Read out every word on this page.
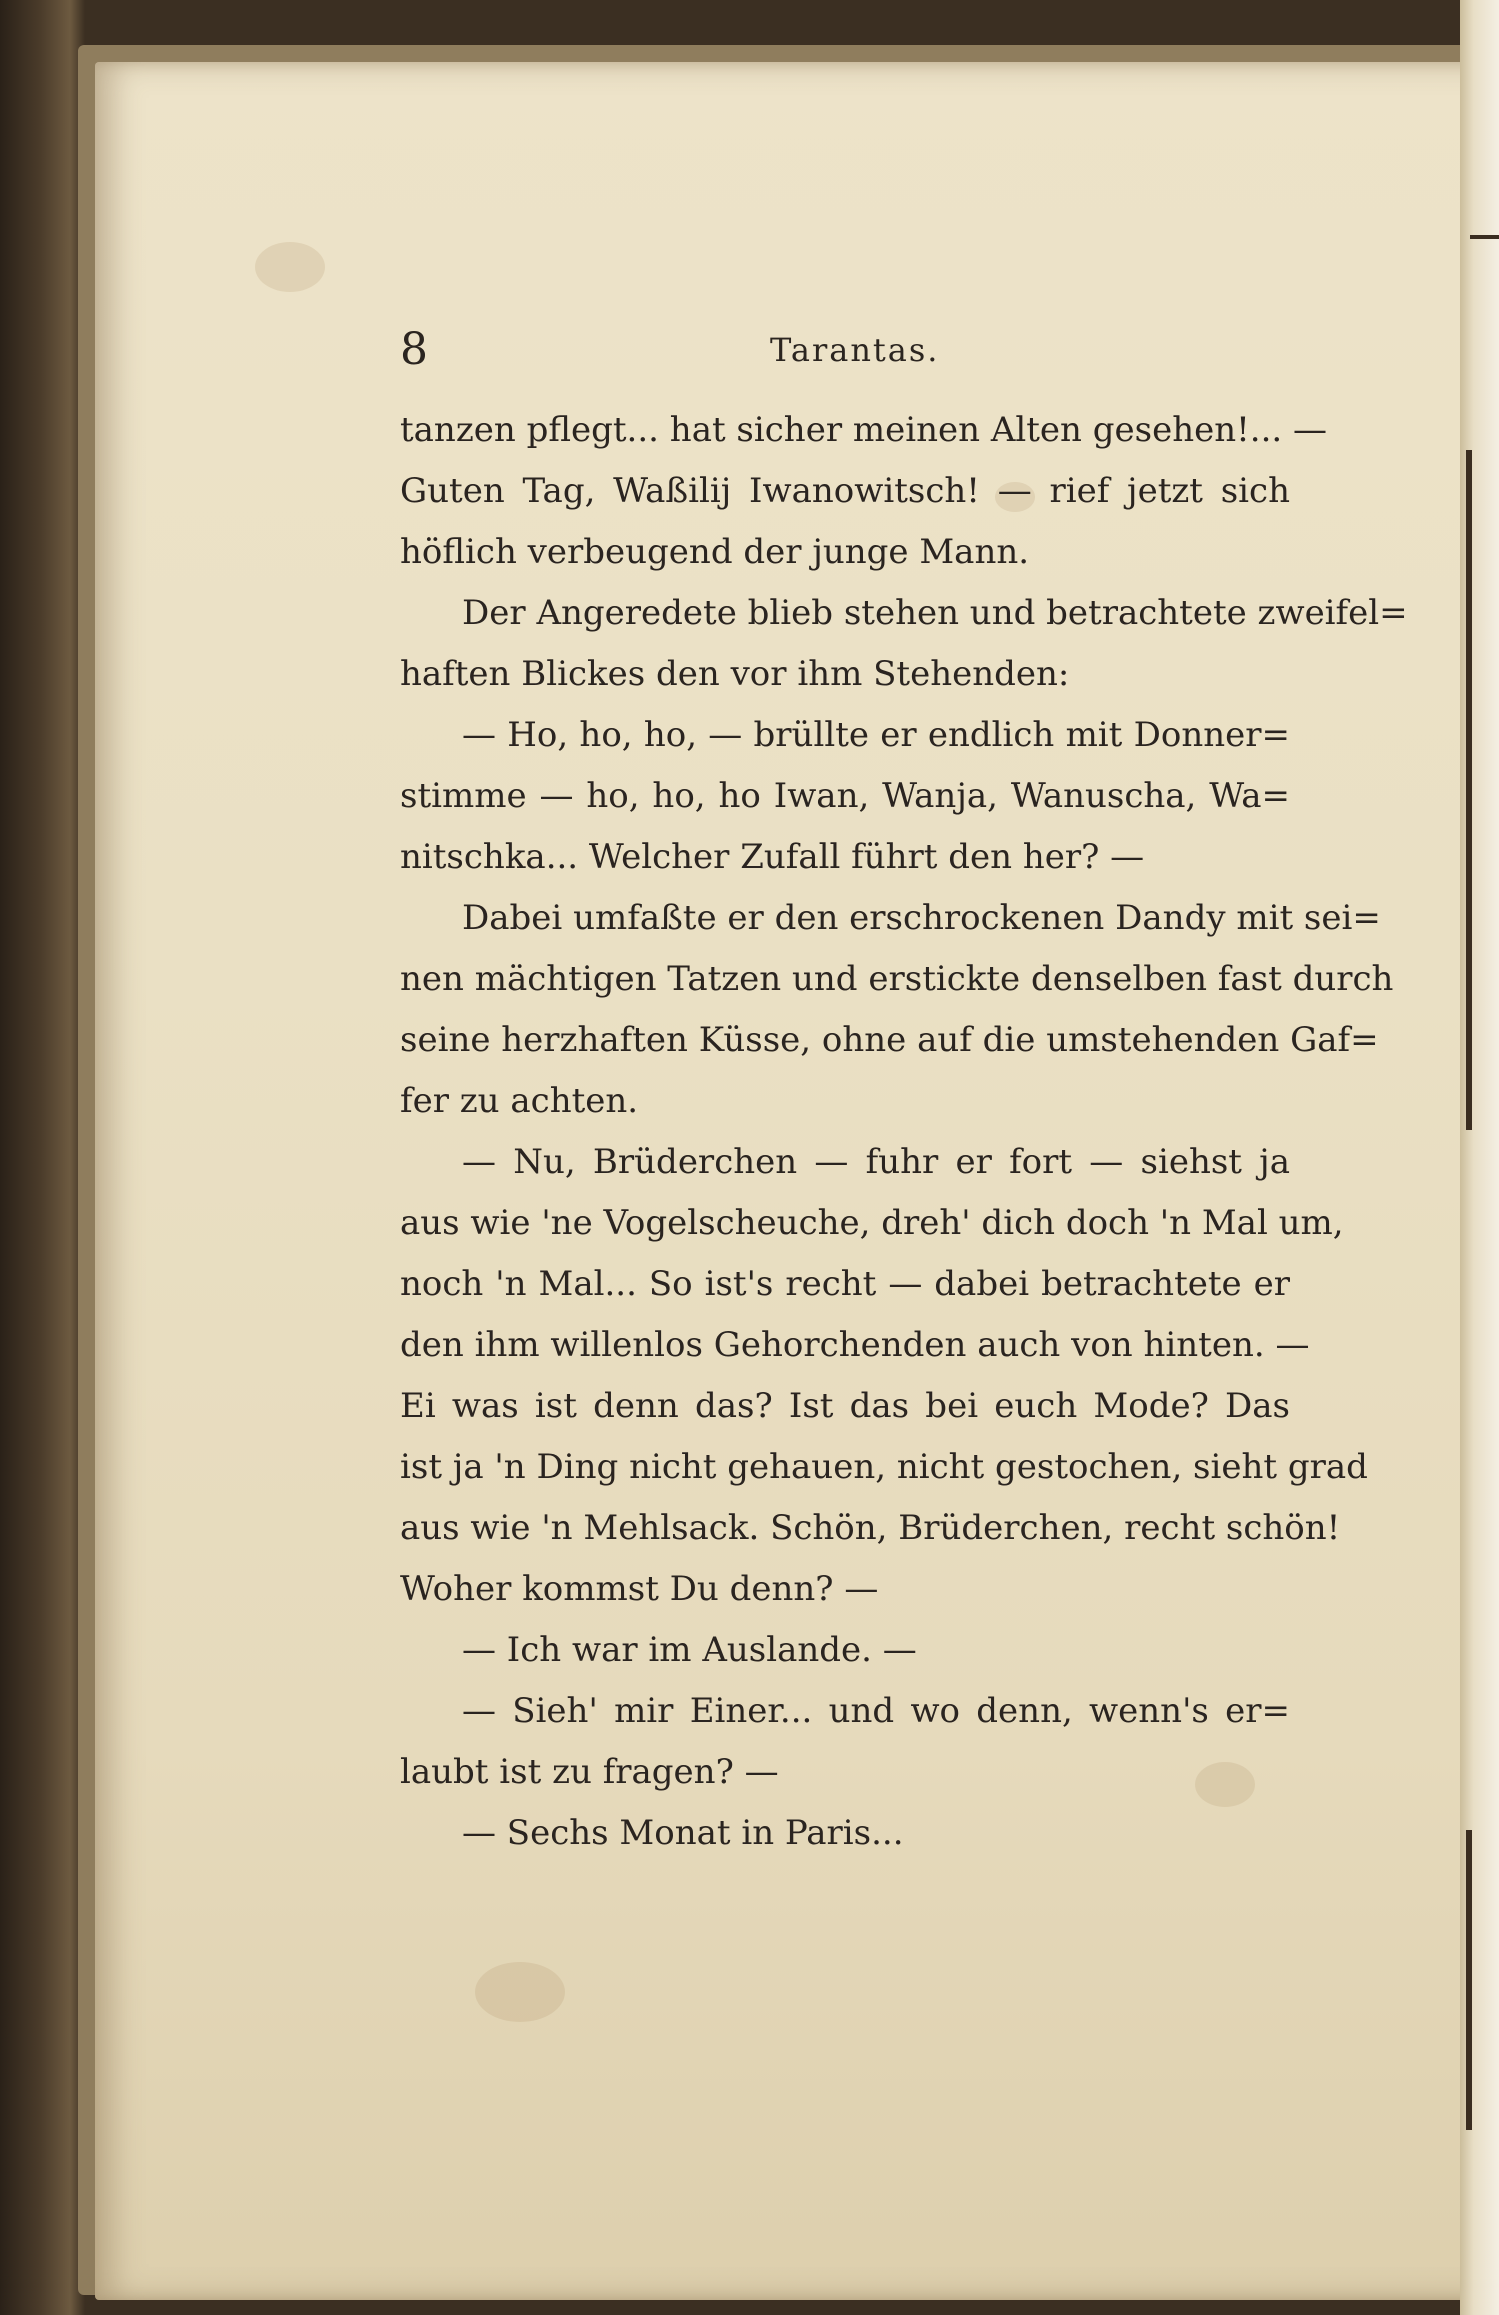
8	Tarantas.
tanzen pflegt... hat sicher meinen Alten gesehen!... —
Guten Tag, Waßilij Iwanowitsch! — rief jetzt sich
höflich verbeugend der junge Mann.
Der Angeredete blieb stehen und betrachtete zweifel=
haften Blickes den vor ihm Stehenden:
— Ho, ho, ho, — brüllte er endlich mit Donner=
stimme — ho, ho, ho Iwan, Wanja, Wanuscha, Wa=
nitschka... Welcher Zufall führt den her? —
Dabei umfaßte er den erschrockenen Dandy mit sei=
nen mächtigen Tatzen und erstickte denselben fast durch
seine herzhaften Küsse, ohne auf die umstehenden Gaf=
fer zu achten.
— Nu, Brüderchen — fuhr er fort — siehst ja
aus wie 'ne Vogelscheuche, dreh' dich doch 'n Mal um,
noch 'n Mal... So ist's recht — dabei betrachtete er
den ihm willenlos Gehorchenden auch von hinten. —
Ei was ist denn das? Ist das bei euch Mode? Das
ist ja 'n Ding nicht gehauen, nicht gestochen, sieht grad
aus wie 'n Mehlsack. Schön, Brüderchen, recht schön!
Woher kommst Du denn? —
— Ich war im Auslande. —
— Sieh' mir Einer... und wo denn, wenn's er=
laubt ist zu fragen? —
— Sechs Monat in Paris...
